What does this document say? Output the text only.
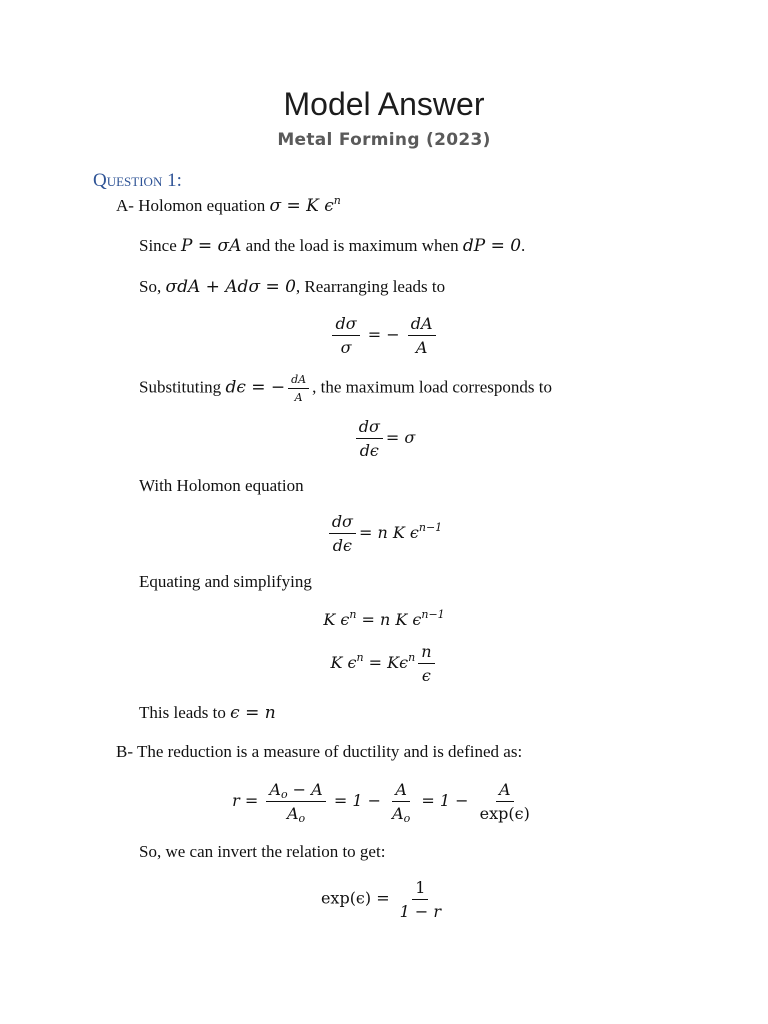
Model Answer
Metal Forming (2023)
Question 1:
A- Holomon equation σ = K $\epsilon^n$
Since P = σA and the load is maximum when dP = 0.
So, σdA + Adσ = 0, Rearranging leads to
$\frac{d\sigma}{\sigma}$ = − $\frac{dA}{A}$
Substituting dϵ = − $\frac{dA}{A}$ , the maximum load corresponds to
$\frac{d\sigma}{d\epsilon} = \sigma$
With Holomon equation
$\frac{d\sigma}{d\epsilon} = n$ K $\epsilon^{n-1}$
Equating and simplifying
K $\epsilon^n = n$ K $\epsilon^{n-1}$
K $\epsilon^n = K\epsilon^n \frac{n}{\epsilon}$
This leads to ϵ = n
B- The reduction is a measure of ductility and is defined as:
$r = \frac{A_o - A}{A_o} = 1 - \frac{A}{A_o} = 1 - \frac{A}{\exp(\epsilon)}$
So, we can invert the relation to get:
$\exp(\epsilon) = \frac{1}{1 - r}$
